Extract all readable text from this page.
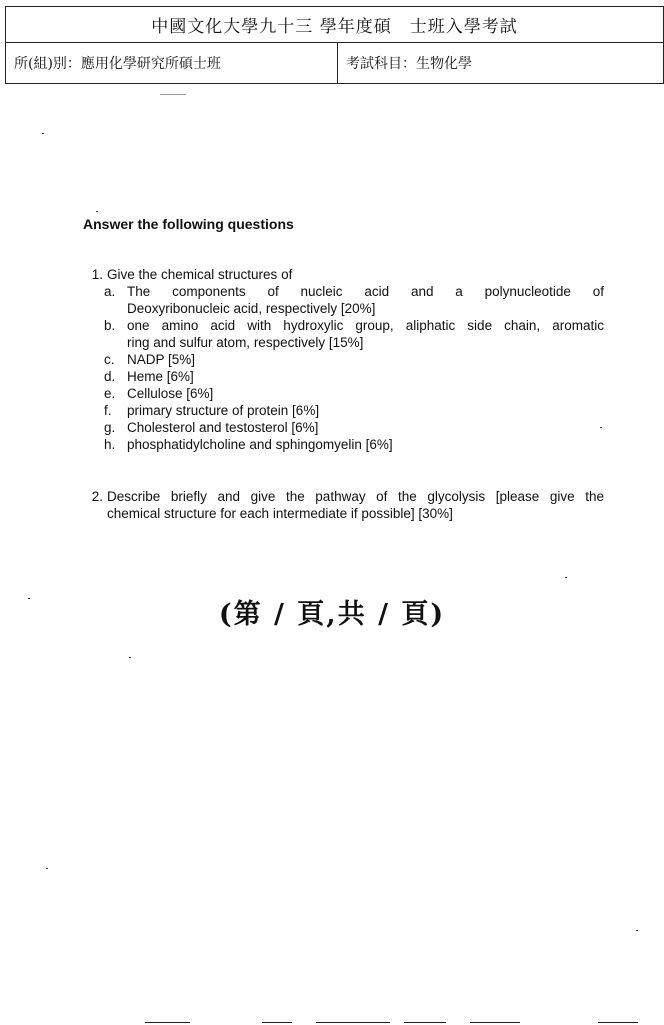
中國文化大學九十三 學年度碩　士班入學考試
所(組)別：應用化學研究所碩士班	考試科目：生物化學
Answer the following questions
1. Give the chemical structures of
a. The components of nucleic acid and a polynucleotide of
Deoxyribonucleic acid, respectively [20%]
b. one amino acid with hydroxylic group, aliphatic side chain, aromatic
ring and sulfur atom, respectively [15%]
c. NADP [5%]
d. Heme [6%]
e. Cellulose [6%]
f.	primary structure of protein [6%]
g. Cholesterol and testosterol [6%]
h. phosphatidylcholine and sphingomyelin [6%]
2. Describe briefly and give the pathway of the glycolysis [please give the
chemical structure for each intermediate if possible] [30%]
(第 / 頁,共 / 頁)
